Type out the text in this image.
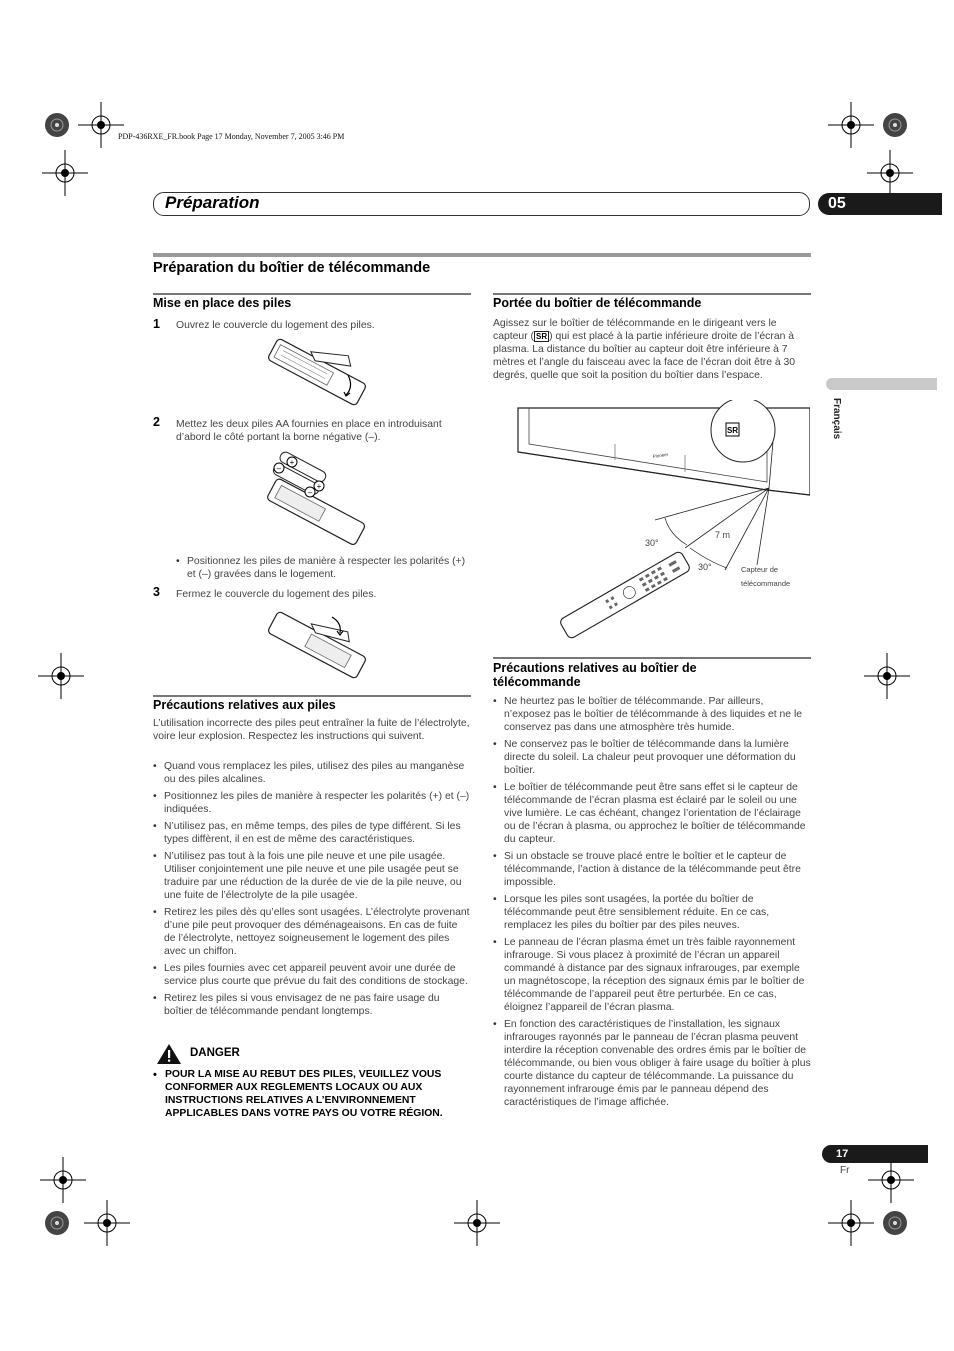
PDP-436RXE_FR.book Page 17 Monday, November 7, 2005 3:46 PM
Préparation	05
Préparation du boîtier de télécommande
Mise en place des piles
1 Ouvrez le couvercle du logement des piles.
2 Mettez les deux piles AA fournies en place en introduisant d’abord le côté portant la borne négative (–).
–
+
+
–
• Positionnez les piles de manière à respecter les polarités (+) et (–) gravées dans le logement.
3 Fermez le couvercle du logement des piles.
Précautions relatives aux piles
L’utilisation incorrecte des piles peut entraîner la fuite de l’électrolyte, voire leur explosion. Respectez les instructions qui suivent.
• Quand vous remplacez les piles, utilisez des piles au manganèse ou des piles alcalines.
• Positionnez les piles de manière à respecter les polarités (+) et (–) indiquées.
• N’utilisez pas, en même temps, des piles de type différent. Si les types diffèrent, il en est de même des caractéristiques.
• N’utilisez pas tout à la fois une pile neuve et une pile usagée. Utiliser conjointement une pile neuve et une pile usagée peut se traduire par une réduction de la durée de vie de la pile neuve, ou une fuite de l’électrolyte de la pile usagée.
• Retirez les piles dès qu’elles sont usagées. L’électrolyte provenant d’une pile peut provoquer des déménageaisons. En cas de fuite de l’électrolyte, nettoyez soigneusement le logement des piles avec un chiffon.
• Les piles fournies avec cet appareil peuvent avoir une durée de service plus courte que prévue du fait des conditions de stockage.
• Retirez les piles si vous envisagez de ne pas faire usage du boîtier de télécommande pendant longtemps.
DANGER
• POUR LA MISE AU REBUT DES PILES, VEUILLEZ VOUS CONFORMER AUX REGLEMENTS LOCAUX OU AUX INSTRUCTIONS RELATIVES A L’ENVIRONNEMENT APPLICABLES DANS VOTRE PAYS OU VOTRE RÉGION.
Portée du boîtier de télécommande
Agissez sur le boîtier de télécommande en le dirigeant vers le capteur ( SR ) qui est placé à la partie inférieure droite de l’écran à plasma. La distance du boîtier au capteur doit être inférieure à 7 mètres et l’angle du faisceau avec la face de l’écran doit être à 30 degrés, quelle que soit la position du boîtier dans l’espace.
Pioneer
SR
30°
7 m
30°	Capteur de
télécommande
Précautions relatives au boîtier de
télécommande
• Ne heurtez pas le boîtier de télécommande. Par ailleurs, n’exposez pas le boîtier de télécommande à des liquides et ne le conservez pas dans une atmosphère très humide.
• Ne conservez pas le boîtier de télécommande dans la lumière directe du soleil. La chaleur peut provoquer une déformation du boîtier.
• Le boîtier de télécommande peut être sans effet si le capteur de télécommande de l’écran plasma est éclairé par le soleil ou une vive lumière. Le cas échéant, changez l’orientation de l’éclairage ou de l’écran à plasma, ou approchez le boîtier de télécommande du capteur.
• Si un obstacle se trouve placé entre le boîtier et le capteur de télécommande, l’action à distance de la télécommande peut être impossible.
• Lorsque les piles sont usagées, la portée du boîtier de télécommande peut être sensiblement réduite. En ce cas, remplacez les piles du boîtier par des piles neuves.
• Le panneau de l’écran plasma émet un très faible rayonnement infrarouge. Si vous placez à proximité de l’écran un appareil commandé à distance par des signaux infrarouges, par exemple un magnétoscope, la réception des signaux émis par le boîtier de télécommande de l’appareil peut être perturbée. En ce cas, éloignez l’appareil de l’écran plasma.
• En fonction des caractéristiques de l’installation, les signaux infrarouges rayonnés par le panneau de l’écran plasma peuvent interdire la réception convenable des ordres émis par le boîtier de télécommande, ou bien vous obliger à faire usage du boîtier à plus courte distance du capteur de télécommande. La puissance du rayonnement infrarouge émis par le panneau dépend des caractéristiques de l’image affichée.
Français
17
Fr
